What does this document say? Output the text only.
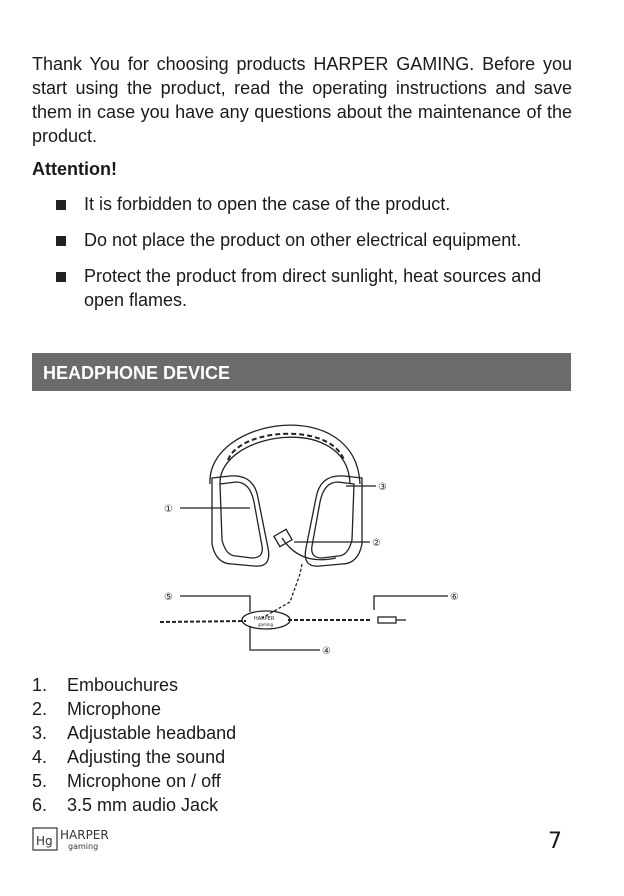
Thank You for choosing products HARPER GAMING. Before you start using the product, read the operating instructions and save them in case you have any questions about the maintenance of the product.

Attention!

It is forbidden to open the case of the product.
Do not place the product on other electrical equipment.
Protect the product from direct sunlight, heat sources and open flames.
HEADPHONE DEVICE
①
②
③
④
⑤	⑥
HARPER
gaming
1.	Embouchures
2.	Microphone
3.	Adjustable headband
4.	Adjusting the sound
5.	Microphone on / off
6.	3.5 mm audio Jack
Hg HARPER
gaming	7
